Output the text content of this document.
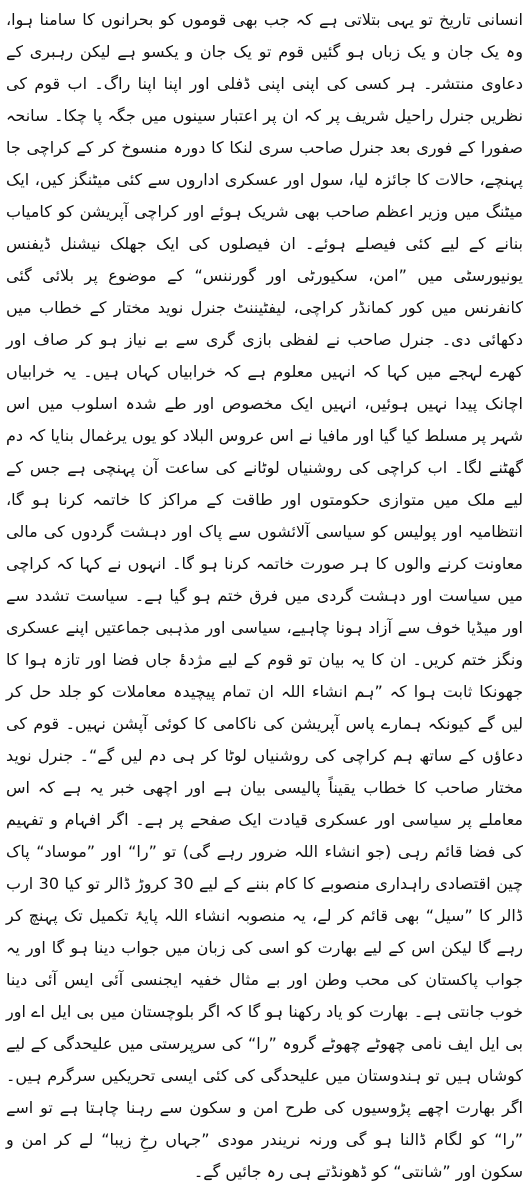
انسانی تاریخ تو یہی بتلاتی ہے کہ جب بھی قوموں کو بحرانوں کا سامنا ہوا، وہ یک جان و یک زباں ہو گئیں قوم تو یک جان و یکسو ہے لیکن رہبری کے دعاوی منتشر۔ ہر کسی کی اپنی اپنی ڈفلی اور اپنا اپنا راگ۔ اب قوم کی نظریں جنرل راحیل شریف پر کہ ان پر اعتبار سینوں میں جگہ پا چکا۔ سانحہ صفورا کے فوری بعد جنرل صاحب سری لنکا کا دورہ منسوخ کر کے کراچی جا پہنچے، حالات کا جائزہ لیا، سول اور عسکری اداروں سے کئی میٹنگز کیں، ایک میٹنگ میں وزیر اعظم صاحب بھی شریک ہوئے اور کراچی آپریشن کو کامیاب بنانے کے لیے کئی فیصلے ہوئے۔ ان فیصلوں کی ایک جھلک نیشنل ڈیفنس یونیورسٹی میں ”امن، سکیورٹی اور گورننس“ کے موضوع پر بلائی گئی کانفرنس میں کور کمانڈر کراچی، لیفٹیننٹ جنرل نوید مختار کے خطاب میں دکھائی دی۔ جنرل صاحب نے لفظی بازی گری سے بے نیاز ہو کر صاف اور کھرے لہجے میں کہا کہ انہیں معلوم ہے کہ خرابیاں کہاں ہیں۔ یہ خرابیاں اچانک پیدا نہیں ہوئیں، انہیں ایک مخصوص اور طے شدہ اسلوب میں اس شہر پر مسلط کیا گیا اور مافیا نے اس عروس البلاد کو یوں یرغمال بنایا کہ دم گھٹنے لگا۔ اب کراچی کی روشنیاں لوٹانے کی ساعت آن پہنچی ہے جس کے لیے ملک میں متوازی حکومتوں اور طاقت کے مراکز کا خاتمہ کرنا ہو گا، انتظامیہ اور پولیس کو سیاسی آلائشوں سے پاک اور دہشت گردوں کی مالی معاونت کرنے والوں کا ہر صورت خاتمہ کرنا ہو گا۔ انہوں نے کہا کہ کراچی میں سیاست اور دہشت گردی میں فرق ختم ہو گیا ہے۔ سیاست تشدد سے اور میڈیا خوف سے آزاد ہونا چاہیے، سیاسی اور مذہبی جماعتیں اپنے عسکری ونگز ختم کریں۔ ان کا یہ بیان تو قوم کے لیے مژدۂ جاں فضا اور تازہ ہوا کا جھونکا ثابت ہوا کہ ”ہم انشاء اللہ ان تمام پیچیدہ معاملات کو جلد حل کر لیں گے کیونکہ ہمارے پاس آپریشن کی ناکامی کا کوئی آپشن نہیں۔ قوم کی دعاؤں کے ساتھ ہم کراچی کی روشنیاں لوٹا کر ہی دم لیں گے“۔ جنرل نوید مختار صاحب کا خطاب یقیناً پالیسی بیان ہے اور اچھی خبر یہ ہے کہ اس معاملے پر سیاسی اور عسکری قیادت ایک صفحے پر ہے۔ اگر افہام و تفہیم کی فضا قائم رہی (جو انشاء اللہ ضرور رہے گی) تو ”را“ اور ”موساد“ پاک چین اقتصادی راہداری منصوبے کا کام بننے کے لیے 30 کروڑ ڈالر تو کیا 30 ارب ڈالر کا ”سیل“ بھی قائم کر لے، یہ منصوبہ انشاء اللہ پایۂ تکمیل تک پہنچ کر رہے گا لیکن اس کے لیے بھارت کو اسی کی زبان میں جواب دینا ہو گا اور یہ جواب پاکستان کی محب وطن اور بے مثال خفیہ ایجنسی آئی ایس آئی دینا خوب جانتی ہے۔ بھارت کو یاد رکھنا ہو گا کہ اگر بلوچستان میں بی ایل اے اور بی ایل ایف نامی چھوٹے چھوٹے گروہ ”را“ کی سرپرستی میں علیحدگی کے لیے کوشاں ہیں تو ہندوستان میں علیحدگی کی کئی ایسی تحریکیں سرگرم ہیں۔ اگر بھارت اچھے پڑوسیوں کی طرح امن و سکون سے رہنا چاہتا ہے تو اسے ”را“ کو لگام ڈالنا ہو گی ورنہ نریندر مودی ”جہاں رخِ زیبا“ لے کر امن و سکون اور ”شانتی“ کو ڈھونڈتے ہی رہ جائیں گے۔
